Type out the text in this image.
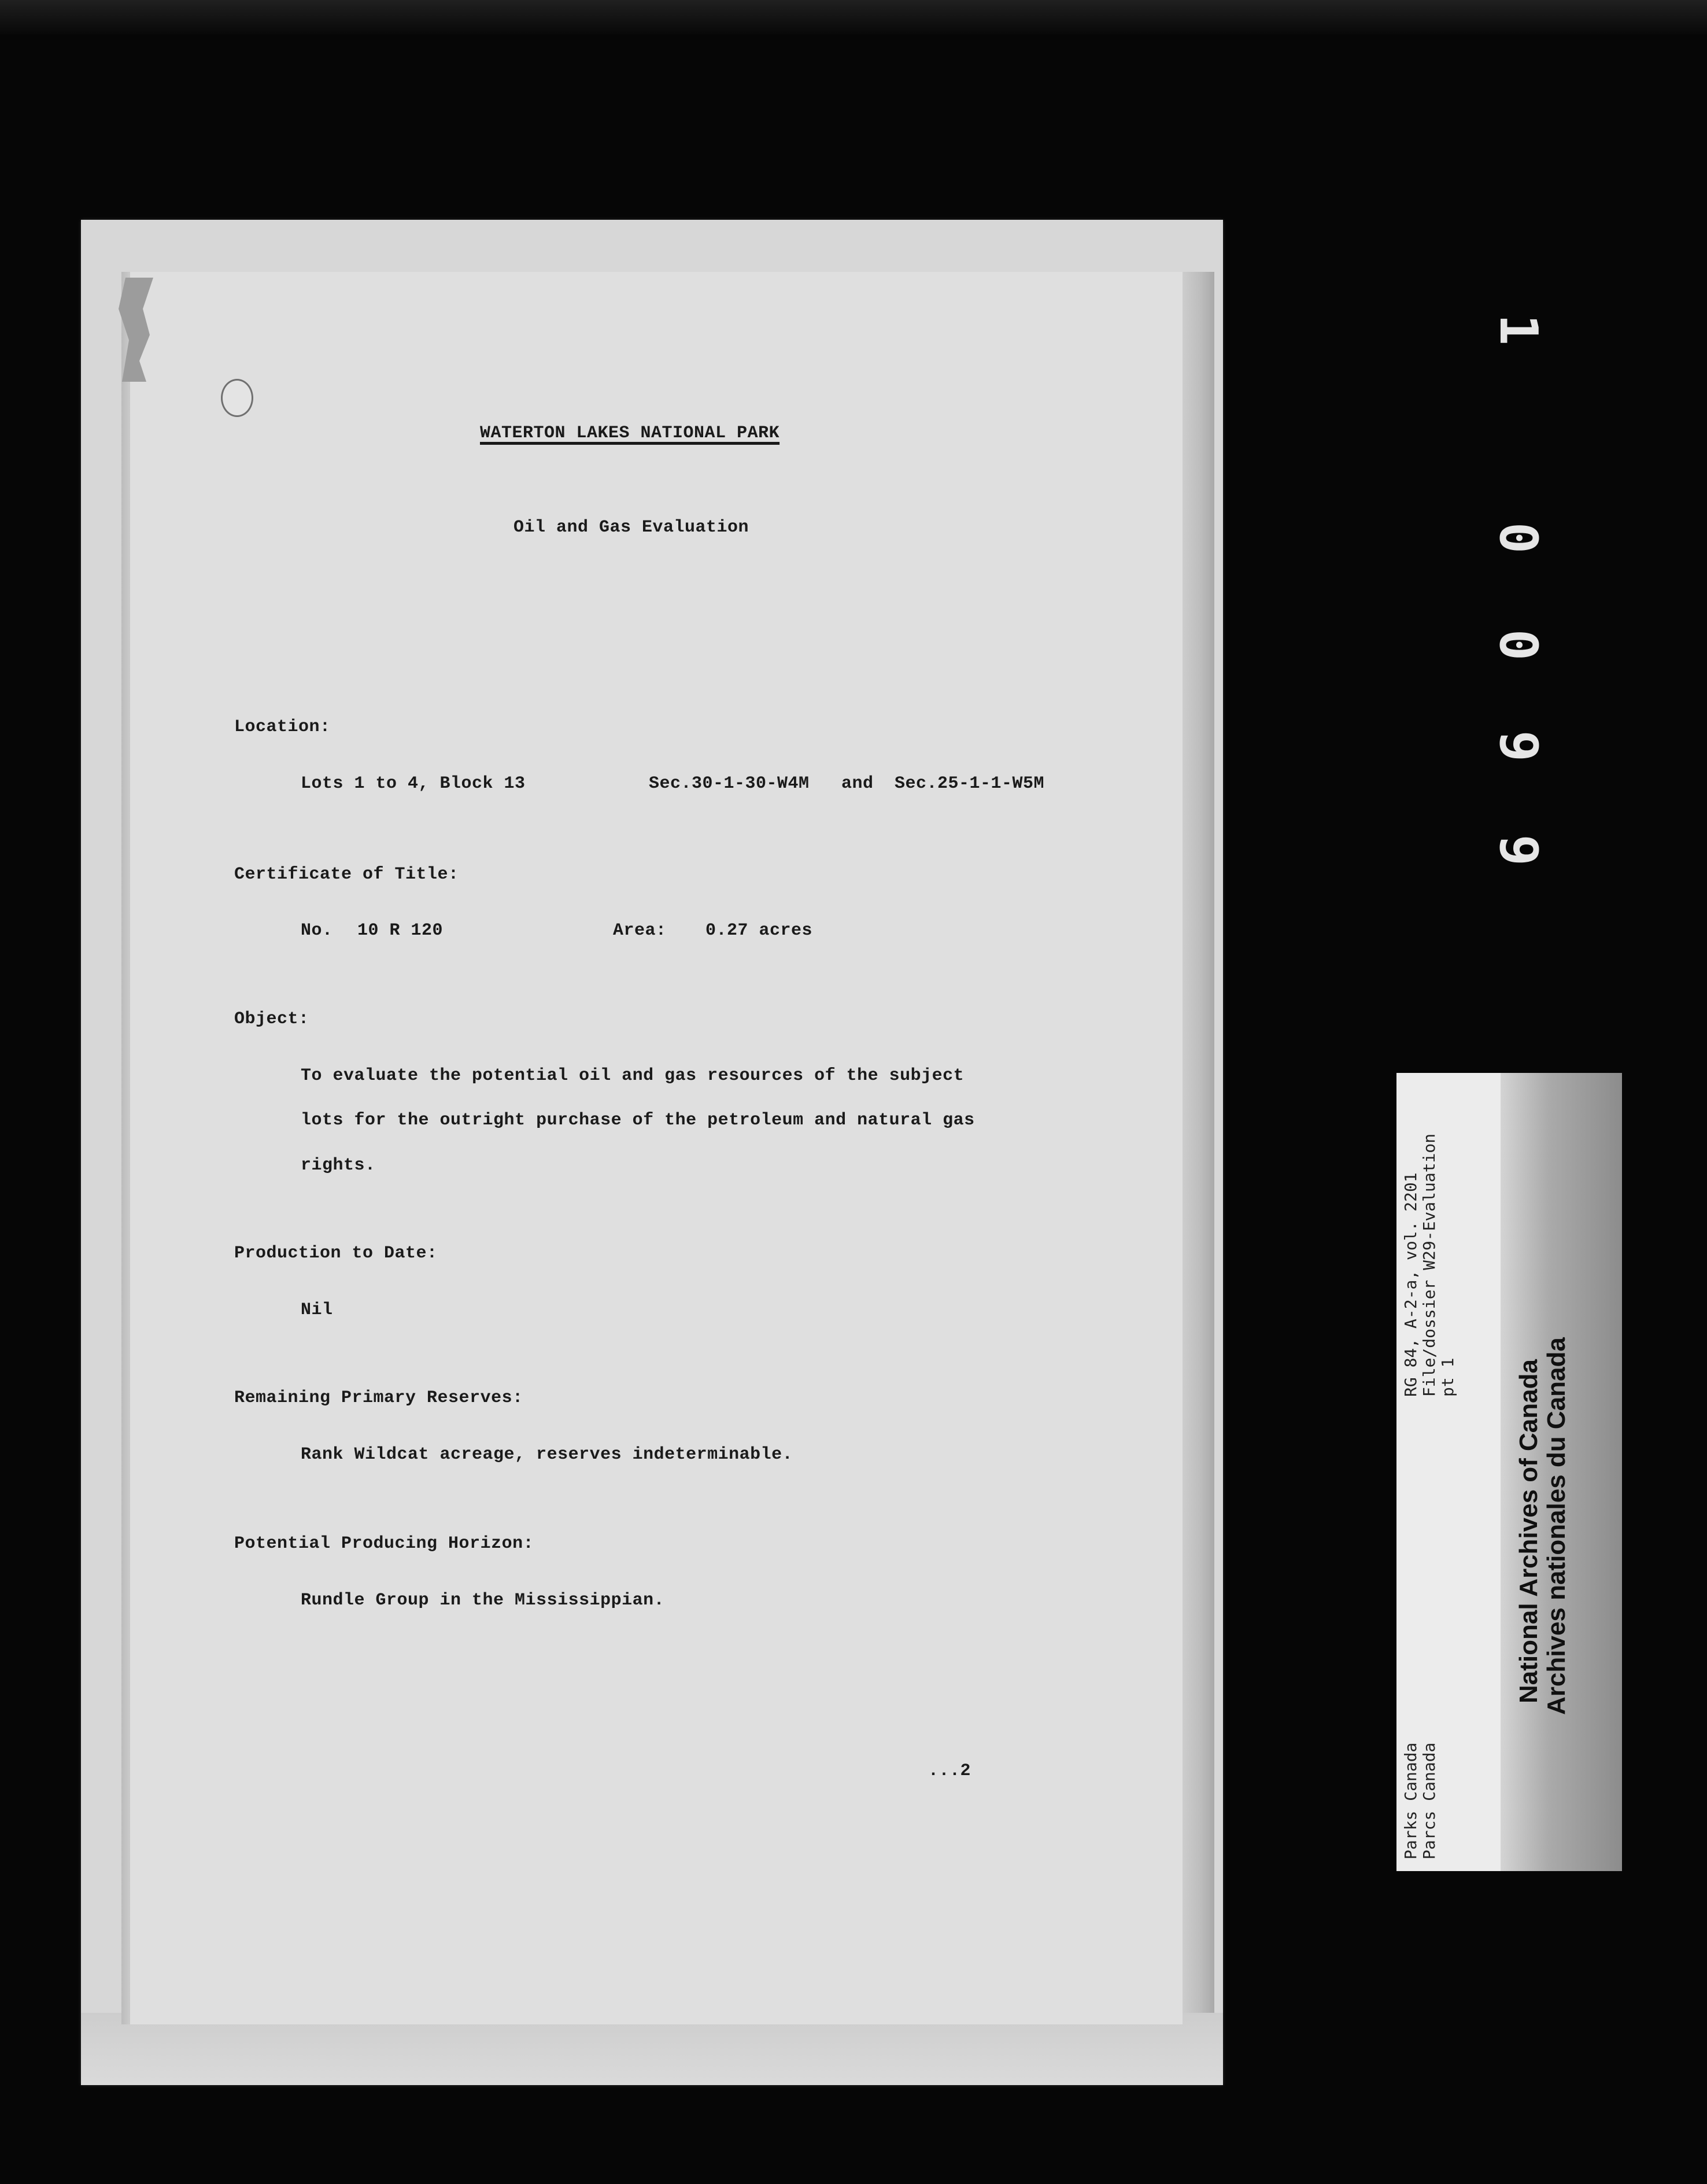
WATERTON LAKES NATIONAL PARK
Oil and Gas Evaluation
Location:
Lots 1 to 4, Block 13	Sec.30-1-30-W4M and Sec.25-1-1-W5M
Certificate of Title:
No. 10 R 120	Area: 0.27 acres
Object:
To evaluate the potential oil and gas resources of the subject
lots for the outright purchase of the petroleum and natural gas
rights.
Production to Date:
Nil
Remaining Primary Reserves:
Rank Wildcat acreage, reserves indeterminable.
Potential Producing Horizon:
Rundle Group in the Mississippian.
...2
1
0
0
9
9
Parks Canada Parcs Canada
RG 84, A-2-a, vol. 2201 File/dossier W29-Evaluation pt 1 National Archives of Canada Archives nationales du Canada
